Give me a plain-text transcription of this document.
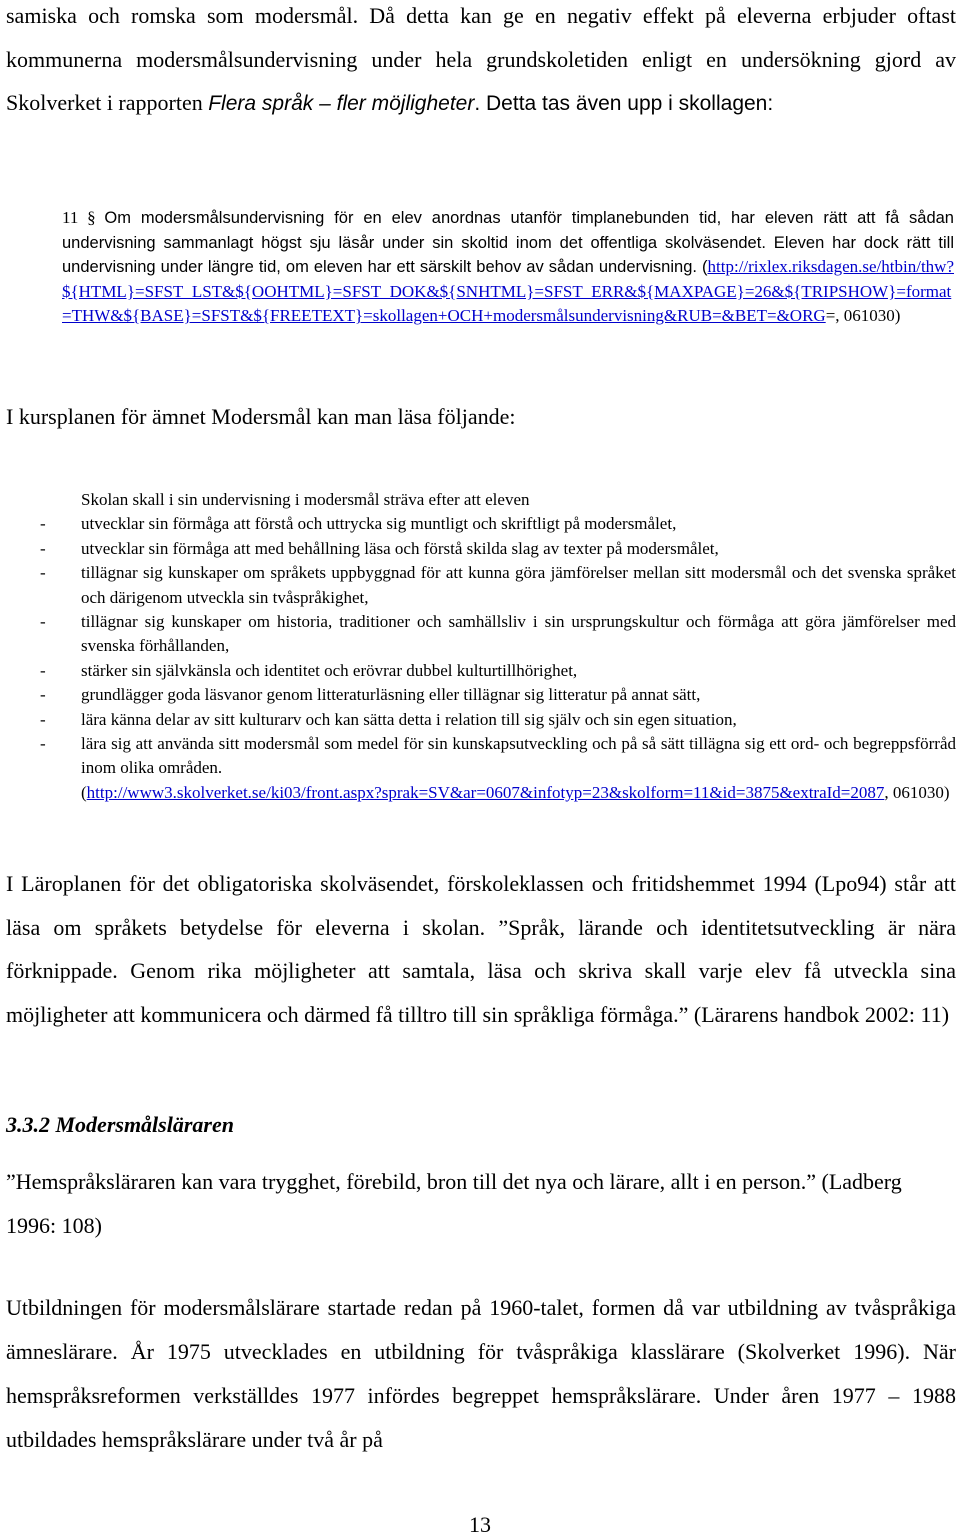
samiska och romska som modersmål. Då detta kan ge en negativ effekt på eleverna erbjuder oftast kommunerna modersmålsundervisning under hela grundskoletiden enligt en undersökning gjord av Skolverket i rapporten Flera språk – fler möjligheter. Detta tas även upp i skollagen:

11 § Om modersmålsundervisning för en elev anordnas utanför timplanebunden tid, har eleven rätt att få sådan undervisning sammanlagt högst sju läsår under sin skoltid inom det offentliga skolväsendet. Eleven har dock rätt till undervisning under längre tid, om eleven har ett särskilt behov av sådan undervisning. (http://rixlex.riksdagen.se/htbin/thw?${HTML}=SFST_LST&${OOHTML}=SFST_DOK&${SNHTML}=SFST_ERR&${MAXPAGE}=26&${TRIPSHOW}=format=THW&${BASE}=SFST&${FREETEXT}=skollagen+OCH+modersmålsundervisning&RUB=&BET=&ORG=, 061030)

I kursplanen för ämnet Modersmål kan man läsa följande:

Skolan skall i sin undervisning i modersmål sträva efter att eleven

-	utvecklar sin förmåga att förstå och uttrycka sig muntligt och skriftligt på modersmålet,
-	utvecklar sin förmåga att med behållning läsa och förstå skilda slag av texter på modersmålet,
-	tillägnar sig kunskaper om språkets uppbyggnad för att kunna göra jämförelser mellan sitt modersmål och det svenska språket och därigenom utveckla sin tvåspråkighet,
-	tillägnar sig kunskaper om historia, traditioner och samhällsliv i sin ursprungskultur och förmåga att göra jämförelser med svenska förhållanden,
-	stärker sin självkänsla och identitet och erövrar dubbel kulturtillhörighet,
-	grundlägger goda läsvanor genom litteraturläsning eller tillägnar sig litteratur på annat sätt,
-	lära känna delar av sitt kulturarv och kan sätta detta i relation till sig själv och sin egen situation,
-	lära sig att använda sitt modersmål som medel för sin kunskapsutveckling och på så sätt tillägna sig ett ord- och begreppsförråd inom olika områden.
(http://www3.skolverket.se/ki03/front.aspx?sprak=SV&ar=0607&infotyp=23&skolform=11&id=3875&extraId=2087, 061030)

I Läroplanen för det obligatoriska skolväsendet, förskoleklassen och fritidshemmet 1994 (Lpo94) står att läsa om språkets betydelse för eleverna i skolan. ”Språk, lärande och identitetsutveckling är nära förknippade. Genom rika möjligheter att samtala, läsa och skriva skall varje elev få utveckla sina möjligheter att kommunicera och därmed få tilltro till sin språkliga förmåga.” (Lärarens handbok 2002: 11)

3.3.2 Modersmålsläraren

”Hemspråksläraren kan vara trygghet, förebild, bron till det nya och lärare, allt i en person.” (Ladberg 1996: 108)

Utbildningen för modersmålslärare startade redan på 1960-talet, formen då var utbildning av tvåspråkiga ämneslärare. År 1975 utvecklades en utbildning för tvåspråkiga klasslärare (Skolverket 1996). När hemspråksreformen verkställdes 1977 infördes begreppet hemspråkslärare. Under åren 1977 – 1988 utbildades hemspråkslärare under två år på

13
